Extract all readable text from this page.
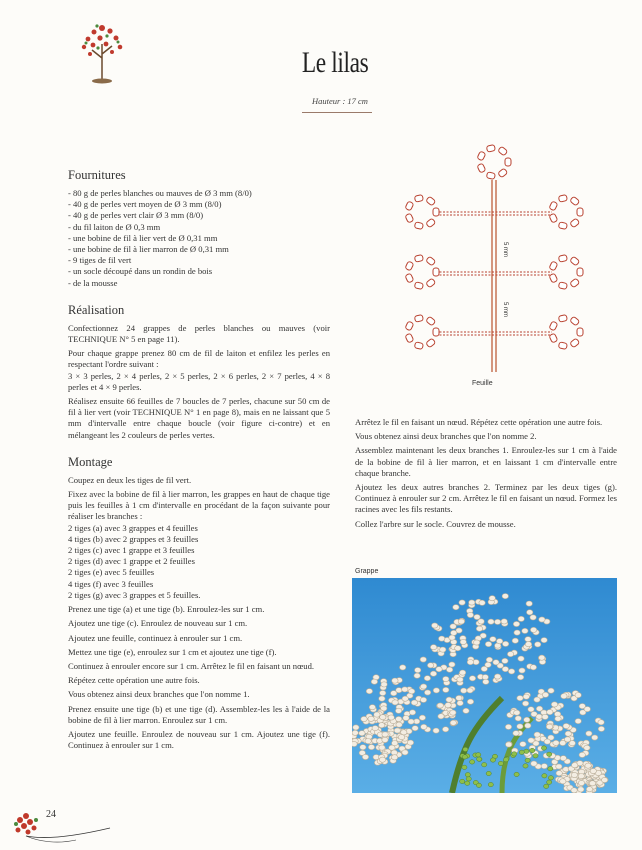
Le lilas
Hauteur : 17 cm
Fournitures
- 80 g de perles blanches ou mauves de Ø 3 mm (8/0)
- 40 g de perles vert moyen de Ø 3 mm (8/0)
- 40 g de perles vert clair Ø 3 mm (8/0)
- du fil laiton de Ø 0,3 mm
- une bobine de fil à lier vert de Ø 0,31 mm
- une bobine de fil à lier marron de Ø 0,31 mm
- 9 tiges de fil vert
- un socle découpé dans un rondin de bois
- de la mousse
Réalisation

Confectionnez 24 grappes de perles blanches ou mauves (voir TECHNIQUE N° 5 en page 11).

Pour chaque grappe prenez 80 cm de fil de laiton et enfilez les perles en respectant l'ordre suivant :

3 × 3 perles, 2 × 4 perles, 2 × 5 perles, 2 × 6 perles, 2 × 7 perles, 4 × 8 perles et 4 × 9 perles.

Réalisez ensuite 66 feuilles de 7 boucles de 7 perles, chacune sur 50 cm de fil à lier vert (voir TECHNIQUE N° 1 en page 8), mais en ne laissant que 5 mm d'intervalle entre chaque boucle (voir figure ci-contre) et en mélangeant les 2 couleurs de perles vertes.

Montage

Coupez en deux les tiges de fil vert.

Fixez avec la bobine de fil à lier marron, les grappes en haut de chaque tige puis les feuilles à 1 cm d'intervalle en procédant de la façon suivante pour réaliser les branches :

2 tiges (a) avec 3 grappes et 4 feuilles
4 tiges (b) avec 2 grappes et 3 feuilles
2 tiges (c) avec 1 grappe et 3 feuilles
2 tiges (d) avec 1 grappe et 2 feuilles
2 tiges (e) avec 5 feuilles
4 tiges (f) avec 3 feuilles
2 tiges (g) avec 3 grappes et 5 feuilles.

Prenez une tige (a) et une tige (b). Enroulez-les sur 1 cm.

Ajoutez une tige (c). Enroulez de nouveau sur 1 cm.

Ajoutez une feuille, continuez à enrouler sur 1 cm.

Mettez une tige (e), enroulez sur 1 cm et ajoutez une tige (f).

Continuez à enrouler encore sur 1 cm. Arrêtez le fil en faisant un nœud.

Répétez cette opération une autre fois.

Vous obtenez ainsi deux branches que l'on nomme 1.

Prenez ensuite une tige (b) et une tige (d). Assemblez-les les à l'aide de la bobine de fil à lier marron. Enroulez sur 1 cm.

Ajoutez une feuille. Enroulez de nouveau sur 1 cm. Ajoutez une tige (f). Continuez à enrouler sur 1 cm.

5 mm
5 mm
Feuille

Arrêtez le fil en faisant un nœud. Répétez cette opération une autre fois.

Vous obtenez ainsi deux branches que l'on nomme 2.

Assemblez maintenant les deux branches 1. Enroulez-les sur 1 cm à l'aide de la bobine de fil à lier marron, et en laissant 1 cm d'intervalle entre chaque branche.

Ajoutez les deux autres branches 2. Terminez par les deux tiges (g). Continuez à enrouler sur 2 cm. Arrêtez le fil en faisant un nœud. Formez les racines avec les fils restants.

Collez l'arbre sur le socle. Couvrez de mousse.

Grappe
24
